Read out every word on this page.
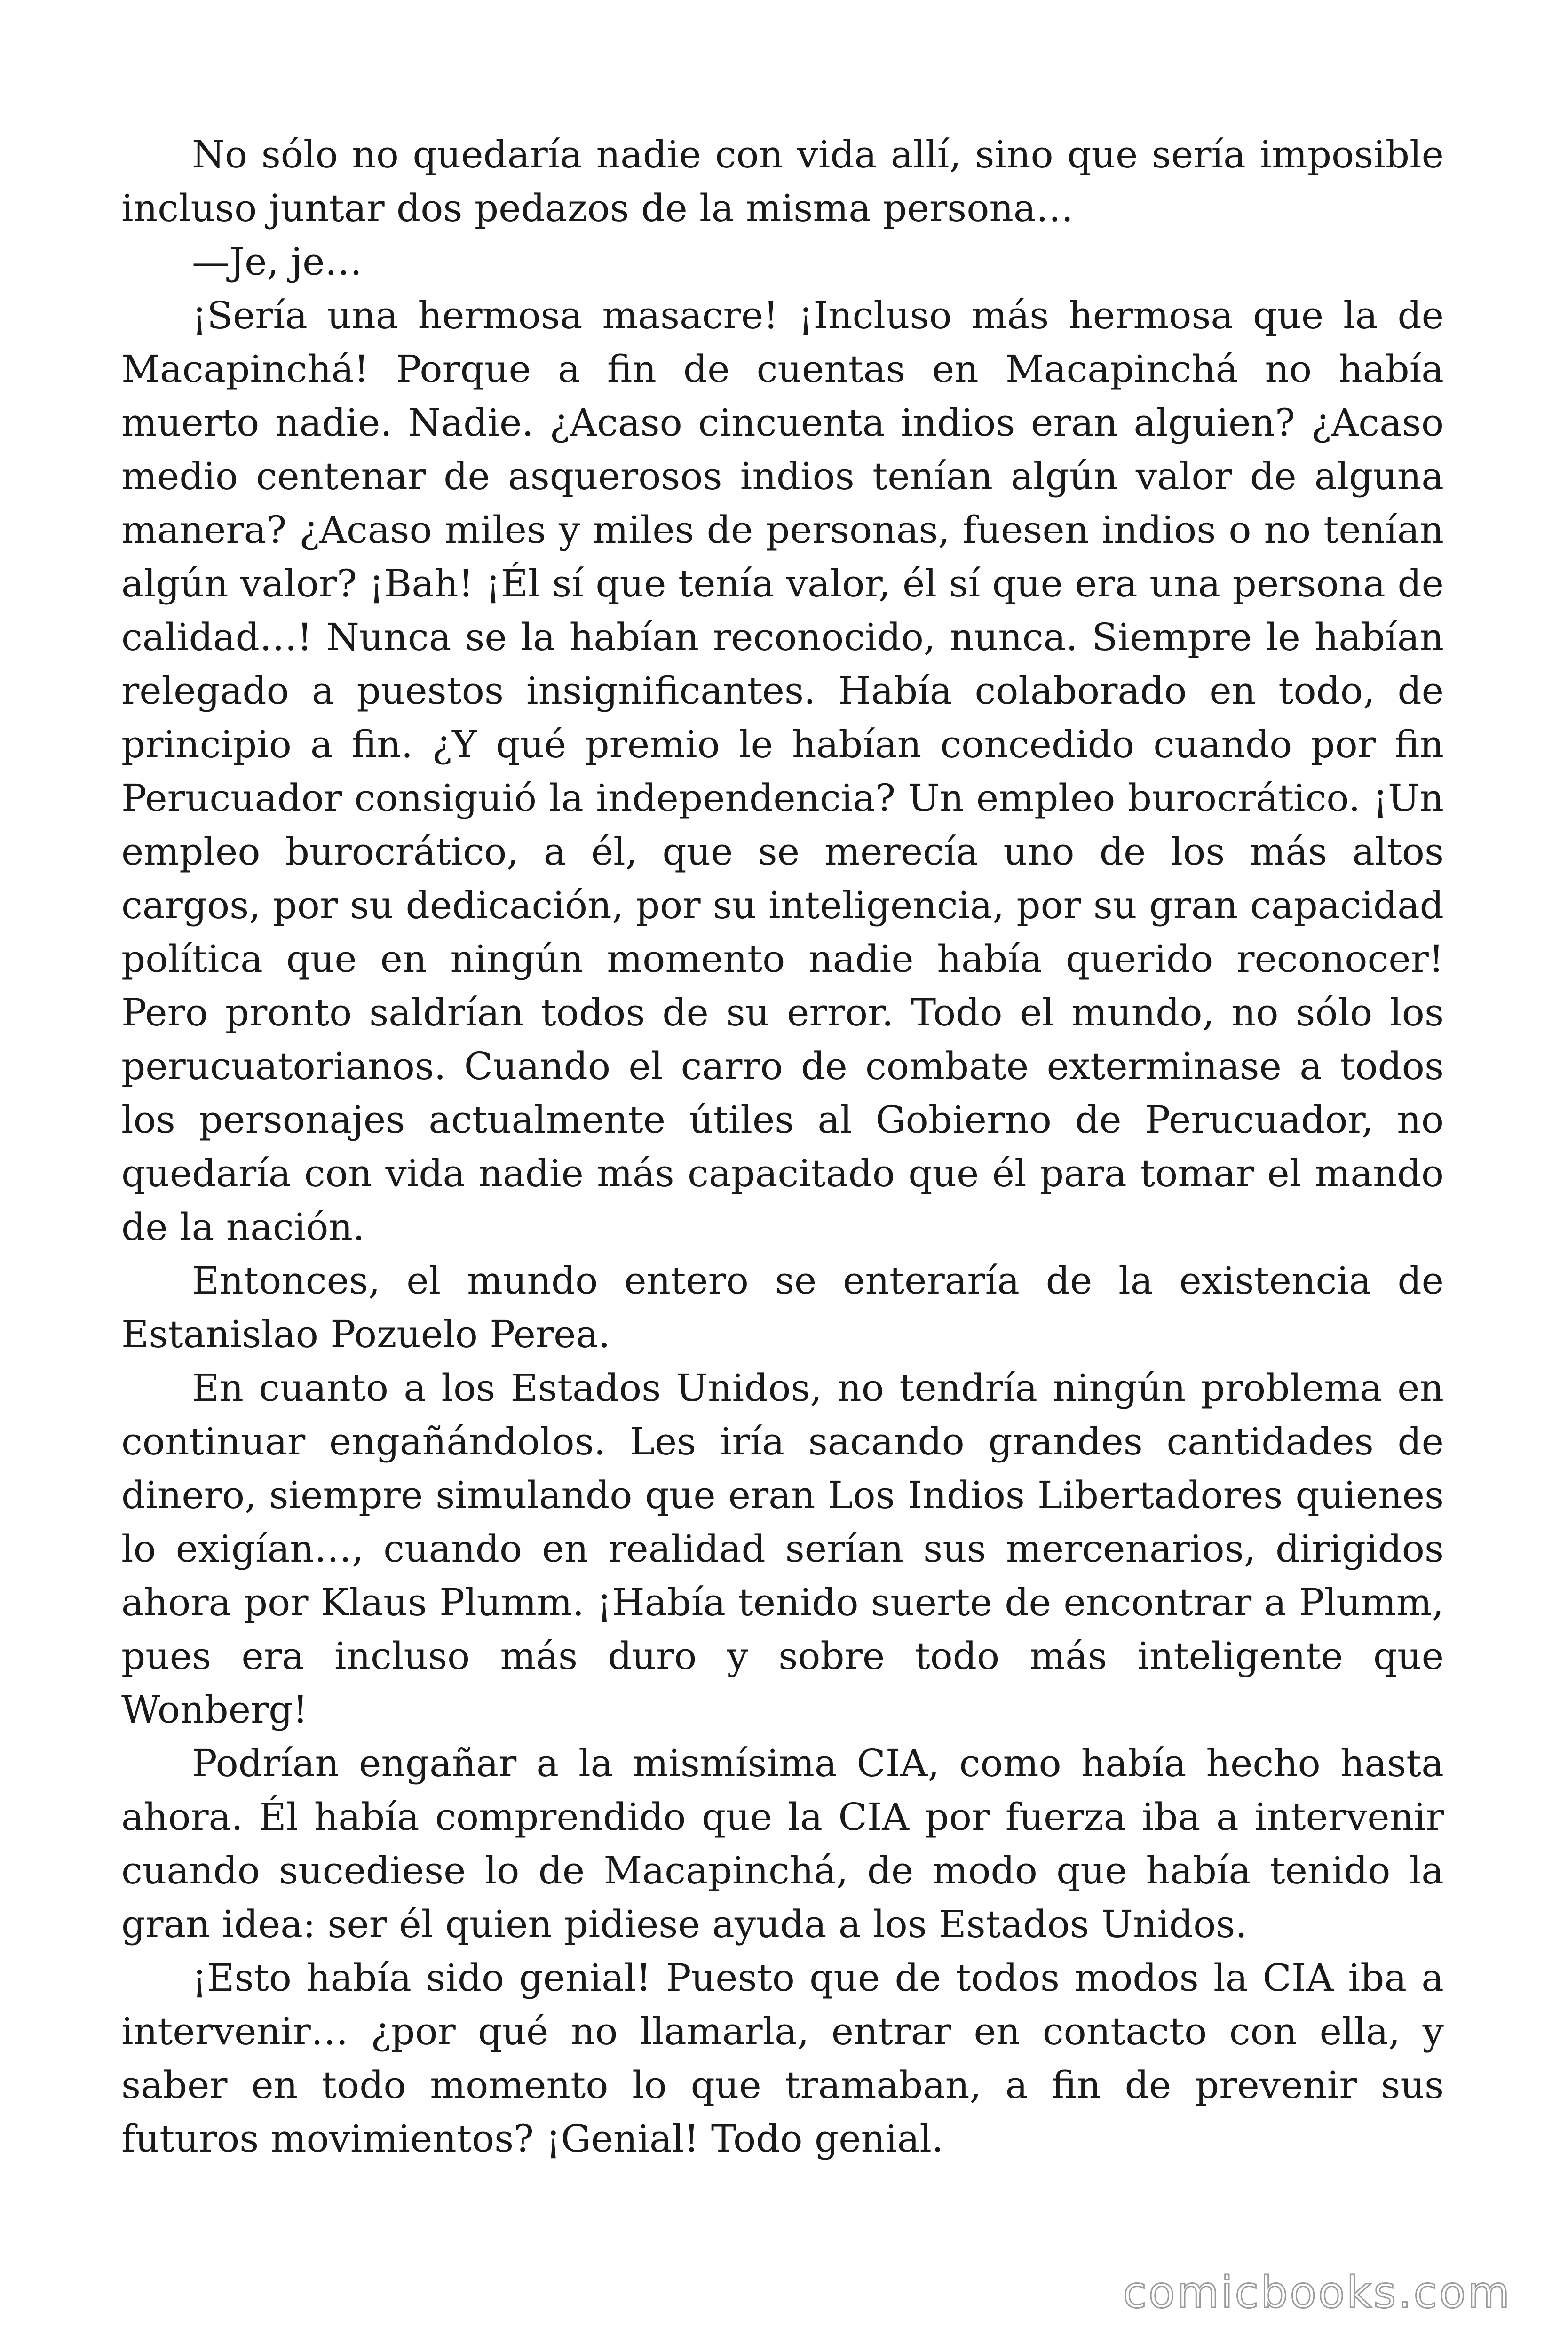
No sólo no quedaría nadie con vida allí, sino que sería imposible incluso juntar dos pedazos de la misma persona…

—Je, je…

¡Sería una hermosa masacre! ¡Incluso más hermosa que la de Macapinchá! Porque a fin de cuentas en Macapinchá no había muerto nadie. Nadie. ¿Acaso cincuenta indios eran alguien? ¿Acaso medio centenar de asquerosos indios tenían algún valor de alguna manera? ¿Acaso miles y miles de personas, fuesen indios o no tenían algún valor? ¡Bah! ¡Él sí que tenía valor, él sí que era una persona de calidad…! Nunca se la habían reconocido, nunca. Siempre le habían relegado a puestos insignificantes. Había colaborado en todo, de principio a fin. ¿Y qué premio le habían concedido cuando por fin Perucuador consiguió la independencia? Un empleo burocrático. ¡Un empleo burocrático, a él, que se merecía uno de los más altos cargos, por su dedicación, por su inteligencia, por su gran capacidad política que en ningún momento nadie había querido reconocer! Pero pronto saldrían todos de su error. Todo el mundo, no sólo los perucuatorianos. Cuando el carro de combate exterminase a todos los personajes actualmente útiles al Gobierno de Perucuador, no quedaría con vida nadie más capacitado que él para tomar el mando de la nación.

Entonces, el mundo entero se enteraría de la existencia de Estanislao Pozuelo Perea.

En cuanto a los Estados Unidos, no tendría ningún problema en continuar engañándolos. Les iría sacando grandes cantidades de dinero, siempre simulando que eran Los Indios Libertadores quienes lo exigían…, cuando en realidad serían sus mercenarios, dirigidos ahora por Klaus Plumm. ¡Había tenido suerte de encontrar a Plumm, pues era incluso más duro y sobre todo más inteligente que Wonberg!

Podrían engañar a la mismísima CIA, como había hecho hasta ahora. Él había comprendido que la CIA por fuerza iba a intervenir cuando sucediese lo de Macapinchá, de modo que había tenido la gran idea: ser él quien pidiese ayuda a los Estados Unidos.

¡Esto había sido genial! Puesto que de todos modos la CIA iba a intervenir… ¿por qué no llamarla, entrar en contacto con ella, y saber en todo momento lo que tramaban, a fin de prevenir sus futuros movimientos? ¡Genial! Todo genial.

comicbooks.com
